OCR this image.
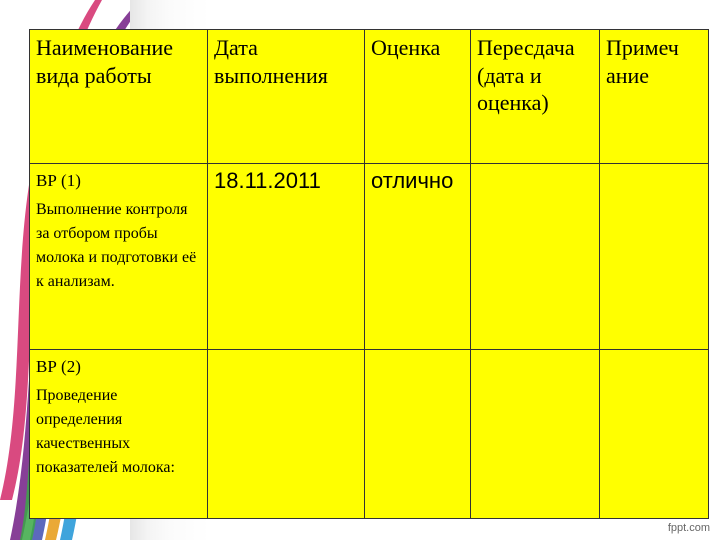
Наименование вида работы	Дата выполнения	Оценка	Пересдача (дата и оценка)	Примеч ание

ВР (1)
Выполнение контроля за отбором пробы молока и подготовки её к анализам.	18.11.2011	отлично		

ВР (2)
Проведение определения качественных показателей молока:				
fppt.com
